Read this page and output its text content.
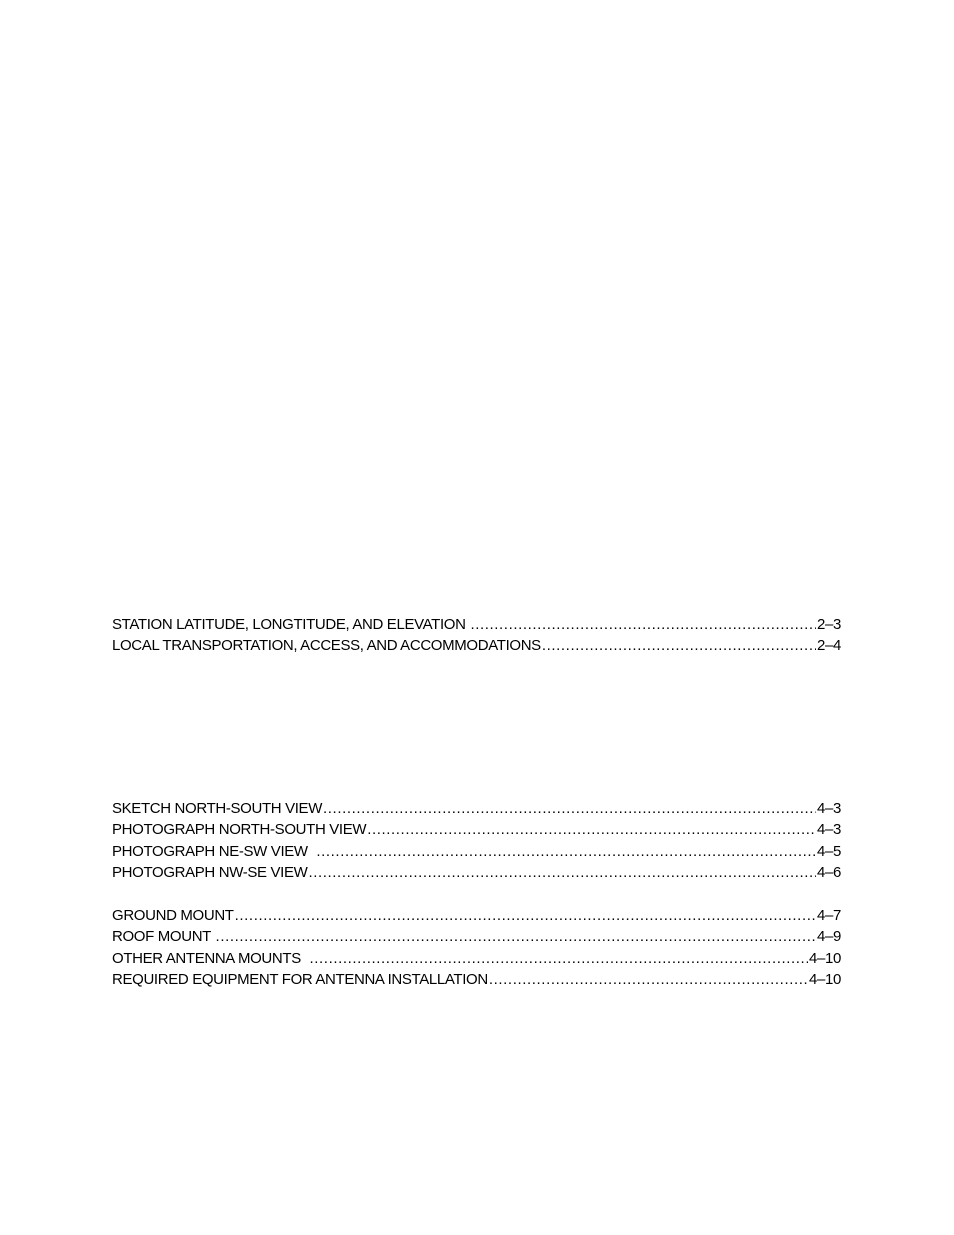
STATION LATITUDE, LONGTITUDE, AND ELEVATION .....	2–3
LOCAL TRANSPORTATION, ACCESS, AND ACCOMMODATIONS .....	2–4
SKETCH NORTH-SOUTH VIEW .....	4–3
PHOTOGRAPH NORTH-SOUTH VIEW .....	4–3
PHOTOGRAPH NE-SW VIEW .....	4–5
PHOTOGRAPH NW-SE VIEW .....	4–6
GROUND MOUNT .....	4–7
ROOF MOUNT .....	4–9
OTHER ANTENNA MOUNTS .....	4–10
REQUIRED EQUIPMENT FOR ANTENNA INSTALLATION .....	4–10
